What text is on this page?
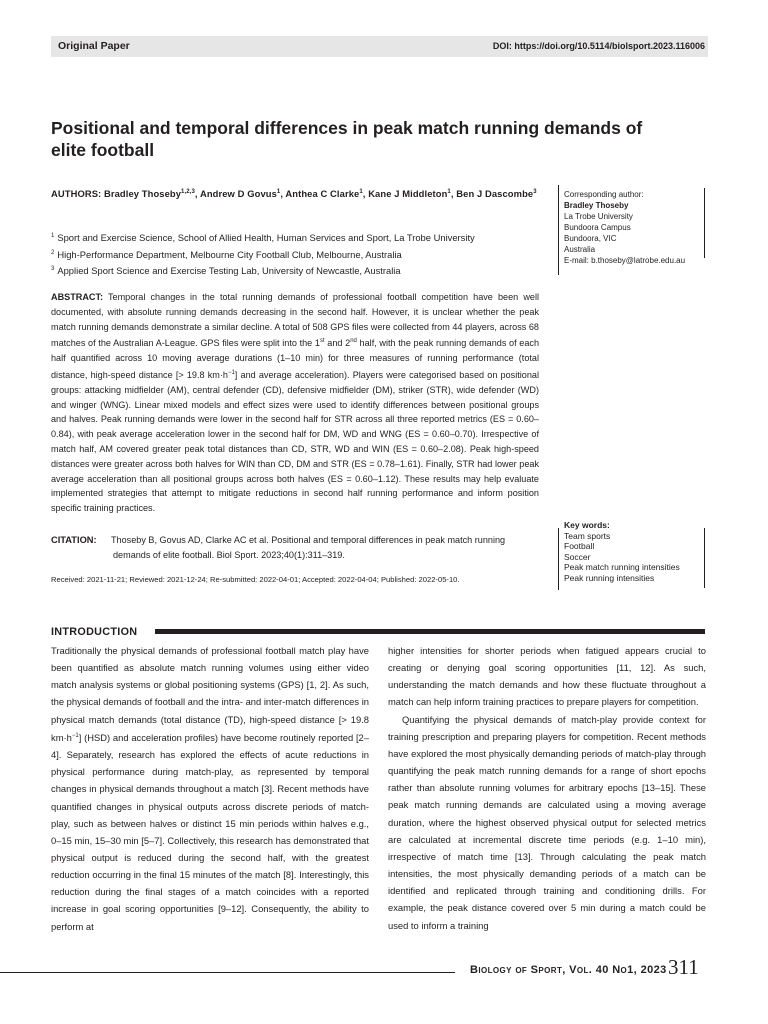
Original Paper	DOI: https://doi.org/10.5114/biolsport.2023.116006
Positional and temporal differences in peak match running demands of elite football
AUTHORS: Bradley Thoseby$^{1,2,3}$, Andrew D Govus$^1$, Anthea C Clarke$^1$, Kane J Middleton$^1$, Ben J Dascombe$^3$
$^1$ Sport and Exercise Science, School of Allied Health, Human Services and Sport, La Trobe University
$^2$ High-Performance Department, Melbourne City Football Club, Melbourne, Australia
$^3$ Applied Sport Science and Exercise Testing Lab, University of Newcastle, Australia
Corresponding author:
Bradley Thoseby
La Trobe University
Bundoora Campus
Bundoora, VIC
Australia
E-mail: b.thoseby@latrobe.edu.au

ABSTRACT: Temporal changes in the total running demands of professional football competition have been well documented, with absolute running demands decreasing in the second half. However, it is unclear whether the peak match running demands demonstrate a similar decline. A total of 508 GPS files were collected from 44 players, across 68 matches of the Australian A-League. GPS files were split into the 1st and 2nd half, with the peak running demands of each half quantified across 10 moving average durations (1–10 min) for three measures of running performance (total distance, high-speed distance [> 19.8 $km\cdot h^{-1}$] and average acceleration). Players were categorised based on positional groups: attacking midfielder (AM), central defender (CD), defensive midfielder (DM), striker (STR), wide defender (WD) and winger (WNG). Linear mixed models and effect sizes were used to identify differences between positional groups and halves. Peak running demands were lower in the second half for STR across all three reported metrics (ES = 0.60–0.84), with peak average acceleration lower in the second half for DM, WD and WNG (ES = 0.60–0.70). Irrespective of match half, AM covered greater peak total distances than CD, STR, WD and WIN (ES = 0.60–2.08). Peak high-speed distances were greater across both halves for WIN than CD, DM and STR (ES = 0.78–1.61). Finally, STR had lower peak average acceleration than all positional groups across both halves (ES = 0.60–1.12). These results may help evaluate implemented strategies that attempt to mitigate reductions in second half running performance and inform position specific training practices.

CITATION: Thoseby B, Govus AD, Clarke AC et al. Positional and temporal differences in peak match running demands of elite football. Biol Sport. 2023;40(1):311–319.
Received: 2021-11-21; Reviewed: 2021-12-24; Re-submitted: 2022-04-01; Accepted: 2022-04-04; Published: 2022-05-10.
Key words:
Team sports
Football
Soccer
Peak match running intensities
Peak running intensities
INTRODUCTION

Traditionally the physical demands of professional football match play have been quantified as absolute match running volumes using either video match analysis systems or global positioning systems (GPS) [1, 2]. As such, the physical demands of football and the intra- and inter-match differences in physical match demands (total distance (TD), high-speed distance [> 19.8 $km\cdot h^{-1}$] (HSD) and acceleration profiles) have become routinely reported [2–4]. Separately, research has explored the effects of acute reductions in physical performance during match-play, as represented by temporal changes in physical demands throughout a match [3]. Recent methods have quantified changes in physical outputs across discrete periods of match-play, such as between halves or distinct 15 min periods within halves e.g., 0–15 min, 15–30 min [5–7]. Collectively, this research has demonstrated that physical output is reduced during the second half, with the greatest reduction occurring in the final 15 minutes of the match [8]. Interestingly, this reduction during the final stages of a match coincides with a reported increase in goal scoring opportunities [9–12]. Consequently, the ability to perform at

higher intensities for shorter periods when fatigued appears crucial to creating or denying goal scoring opportunities [11, 12]. As such, understanding the match demands and how these fluctuate throughout a match can help inform training practices to prepare players for competition.

Quantifying the physical demands of match-play provide context for training prescription and preparing players for competition. Recent methods have explored the most physically demanding periods of match-play through quantifying the peak match running demands for a range of short epochs rather than absolute running volumes for arbitrary epochs [13–15]. These peak match running demands are calculated using a moving average duration, where the highest observed physical output for selected metrics are calculated at incremental discrete time periods (e.g. 1–10 min), irrespective of match time [13]. Through calculating the peak match intensities, the most physically demanding periods of a match can be identified and replicated through training and conditioning drills. For example, the peak distance covered over 5 min during a match could be used to inform a training

Biology of Sport, Vol. 40 No1, 2023 311
